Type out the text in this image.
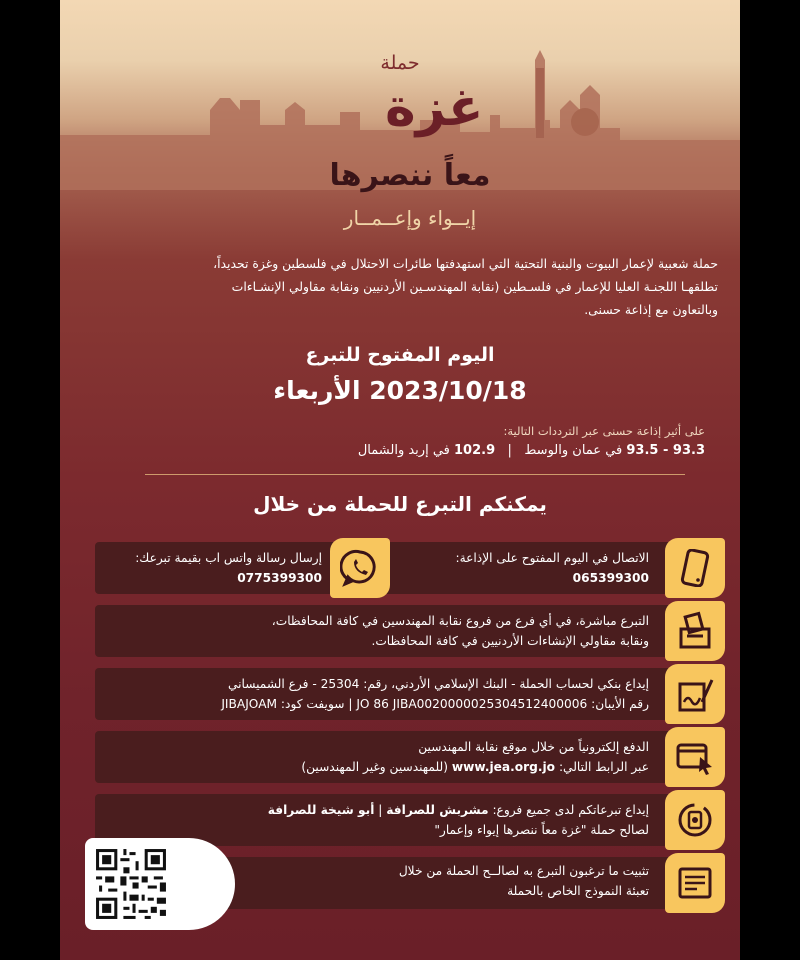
حملة
غزة
معاً ننصرها
إيــواء وإعــمــار
حملة شعبية لإعمار البيوت والبنية التحتية التي استهدفتها طائرات الاحتلال في فلسطين وغزة تحديداً،
تطلقهـا اللجنـة العليا للإعمار في فلسـطين (نقابة المهندسـين الأردنيين ونقابة مقاولي الإنشـاءات
وبالتعاون مع إذاعة حسنى.
اليوم المفتوح للتبرع
الأربعاء 2023/10/18
على أثير إذاعة حسنى عبر الترددات التالية:
93.5 - 93.3 في عمان والوسط   |   102.9 في إربد والشمال
يمكنكم التبرع للحملة من خلال
الاتصال في اليوم المفتوح على الإذاعة:
065399300
إرسال رسالة واتس اب بقيمة تبرعك:
0775399300
التبرع مباشرة، في أي فرع من فروع نقابة المهندسين في كافة المحافظات،
ونقابة مقاولي الإنشاءات الأردنيين في كافة المحافظات.
إيداع بنكي لحساب الحملة - البنك الإسلامي الأردني، رقم: 25304 - فرع الشميساني
رقم الأيبان: JO 86 JIBA0020000025304512400006 | سويفت كود: JIBAJOAM
الدفع إلكترونياً من خلال موقع نقابة المهندسين
عبر الرابط التالي: www.jea.org.jo (للمهندسين وغير المهندسين)
إيداع تبرعاتكم لدى جميع فروع: مشربش للصرافة | أبو شيخة للصرافة
لصالح حملة "غزة معاً ننصرها إيواء وإعمار"
تثبيت ما ترغبون التبرع به لصالــح الحملة من خلال
تعبئة النموذج الخاص بالحملة
